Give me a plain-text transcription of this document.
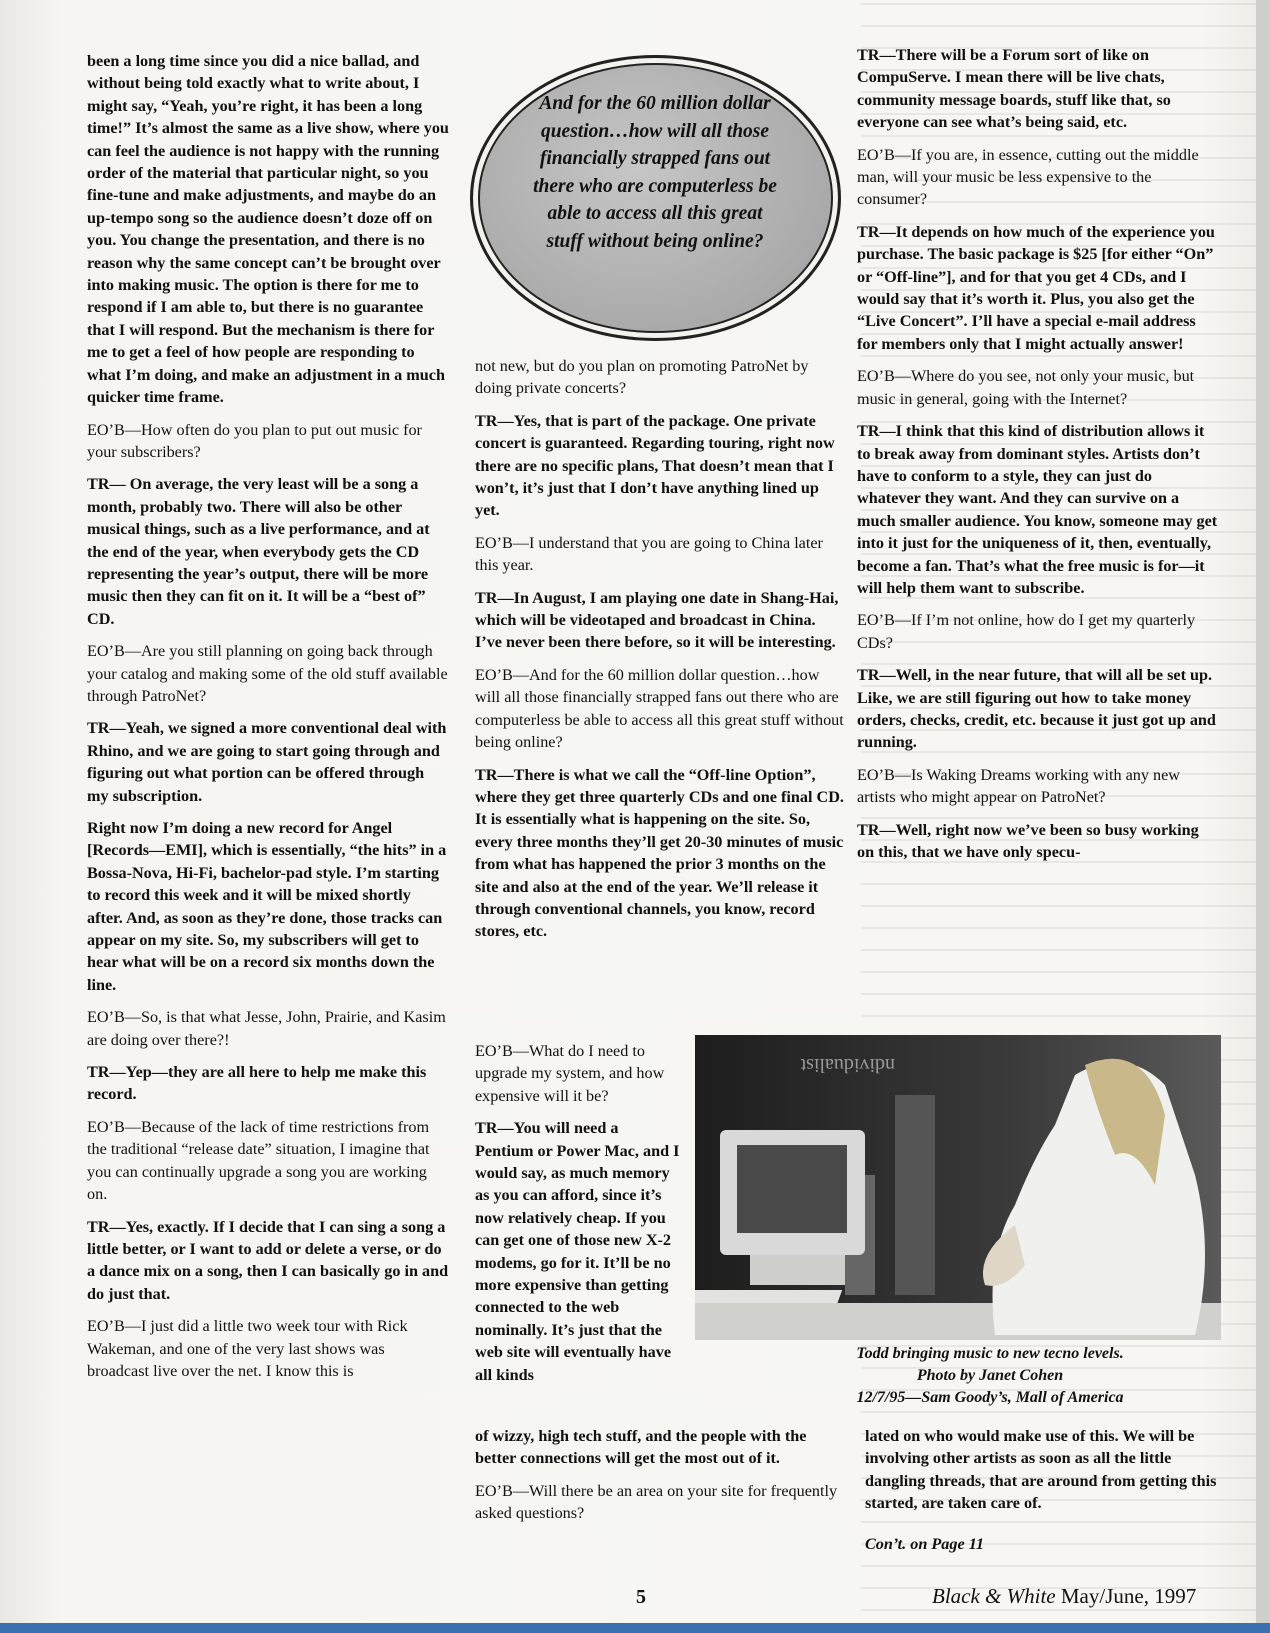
been a long time since you did a nice ballad, and without being told exactly what to write about, I might say, “Yeah, you’re right, it has been a long time!” It’s almost the same as a live show, where you can feel the audience is not happy with the running order of the material that particular night, so you fine-tune and make adjustments, and maybe do an up-tempo song so the audience doesn’t doze off on you. You change the presentation, and there is no reason why the same concept can’t be brought over into making music. The option is there for me to respond if I am able to, but there is no guarantee that I will respond. But the mechanism is there for me to get a feel of how people are responding to what I’m doing, and make an adjustment in a much quicker time frame.

EO’B—How often do you plan to put out music for your subscribers?

TR— On average, the very least will be a song a month, probably two. There will also be other musical things, such as a live performance, and at the end of the year, when everybody gets the CD representing the year’s output, there will be more music then they can fit on it. It will be a “best of” CD.

EO’B—Are you still planning on going back through your catalog and making some of the old stuff available through PatroNet?

TR—Yeah, we signed a more conventional deal with Rhino, and we are going to start going through and figuring out what portion can be offered through my subscription.

Right now I’m doing a new record for Angel [Records—EMI], which is essentially, “the hits” in a Bossa-Nova, Hi-Fi, bachelor-pad style. I’m starting to record this week and it will be mixed shortly after. And, as soon as they’re done, those tracks can appear on my site. So, my subscribers will get to hear what will be on a record six months down the line.

EO’B—So, is that what Jesse, John, Prairie, and Kasim are doing over there?!

TR—Yep—they are all here to help me make this record.

EO’B—Because of the lack of time restrictions from the traditional “release date” situation, I imagine that you can continually upgrade a song you are working on.

TR—Yes, exactly. If I decide that I can sing a song a little better, or I want to add or delete a verse, or do a dance mix on a song, then I can basically go in and do just that.

EO’B—I just did a little two week tour with Rick Wakeman, and one of the very last shows was broadcast live over the net. I know this is

And for the 60 million dollar question…how will all those financially strapped fans out there who are computerless be able to access all this great stuff without being online?

not new, but do you plan on promoting PatroNet by doing private concerts?

TR—Yes, that is part of the package. One private concert is guaranteed. Regarding touring, right now there are no specific plans, That doesn’t mean that I won’t, it’s just that I don’t have anything lined up yet.

EO’B—I understand that you are going to China later this year.

TR—In August, I am playing one date in Shang-Hai, which will be videotaped and broadcast in China. I’ve never been there before, so it will be interesting.

EO’B—And for the 60 million dollar question…how will all those financially strapped fans out there who are computerless be able to access all this great stuff without being online?

TR—There is what we call the “Off-line Option”, where they get three quarterly CDs and one final CD. It is essentially what is happening on the site. So, every three months they’ll get 20-30 minutes of music from what has happened the prior 3 months on the site and also at the end of the year. We’ll release it through conventional channels, you know, record stores, etc.

EO’B—What do I need to upgrade my system, and how expensive will it be?

TR—You will need a Pentium or Power Mac, and I would say, as much memory as you can afford, since it’s now relatively cheap. If you can get one of those new X-2 modems, go for it. It’ll be no more expensive than getting connected to the web nominally. It’s just that the web site will eventually have all kinds

of wizzy, high tech stuff, and the people with the better connections will get the most out of it.

EO’B—Will there be an area on your site for frequently asked questions?

TR—There will be a Forum sort of like on CompuServe. I mean there will be live chats, community message boards, stuff like that, so everyone can see what’s being said, etc.

EO’B—If you are, in essence, cutting out the middle man, will your music be less expensive to the consumer?

TR—It depends on how much of the experience you purchase. The basic package is $25 [for either “On” or “Off-line”], and for that you get 4 CDs, and I would say that it’s worth it. Plus, you also get the “Live Concert”. I’ll have a special e-mail address for members only that I might actually answer!

EO’B—Where do you see, not only your music, but music in general, going with the Internet?

TR—I think that this kind of distribution allows it to break away from dominant styles. Artists don’t have to conform to a style, they can just do whatever they want. And they can survive on a much smaller audience. You know, someone may get into it just for the uniqueness of it, then, eventually, become a fan. That’s what the free music is for—it will help them want to subscribe.

EO’B—If I’m not online, how do I get my quarterly CDs?

TR—Well, in the near future, that will all be set up. Like, we are still figuring out how to take money orders, checks, credit, etc. because it just got up and running.

EO’B—Is Waking Dreams working with any new artists who might appear on PatroNet?

TR—Well, right now we’ve been so busy working on this, that we have only specu-

ndividualist
Todd bringing music to new tecno levels.
Photo by Janet Cohen
12/7/95—Sam Goody’s, Mall of America

lated on who would make use of this. We will be involving other artists as soon as all the little dangling threads, that are around from getting this started, are taken care of.

Con’t. on Page 11

5	Black & White May/June, 1997
